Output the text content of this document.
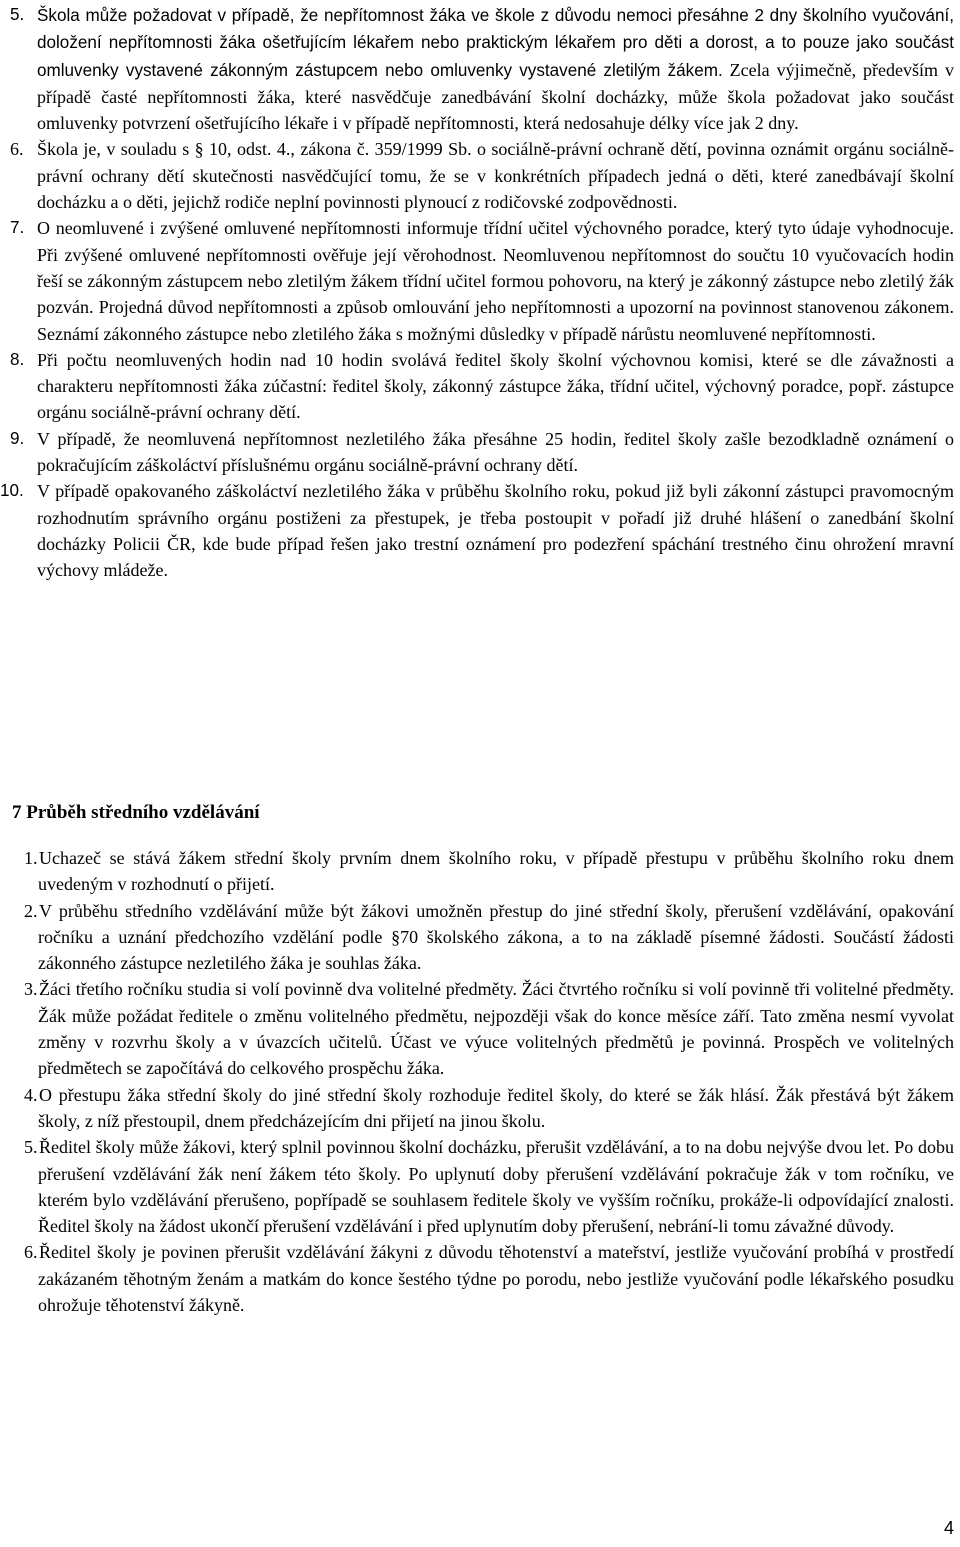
5. Škola může požadovat v případě, že nepřítomnost žáka ve škole z důvodu nemoci přesáhne 2 dny školního vyučování, doložení nepřítomnosti žáka ošetřujícím lékařem nebo praktickým lékařem pro děti a dorost, a to pouze jako součást omluvenky vystavené zákonným zástupcem nebo omluvenky vystavené zletilým žákem. Zcela výjimečně, především v případě časté nepřítomnosti žáka, které nasvědčuje zanedbávání školní docházky, může škola požadovat jako součást omluvenky potvrzení ošetřujícího lékaře i v případě nepřítomnosti, která nedosahuje délky více jak 2 dny.
6. Škola je, v souladu s § 10, odst. 4., zákona č. 359/1999 Sb. o sociálně-právní ochraně dětí, povinna oznámit orgánu sociálně-právní ochrany dětí skutečnosti nasvědčující tomu, že se v konkrétních případech jedná o děti, které zanedbávají školní docházku a o děti, jejichž rodiče neplní povinnosti plynoucí z rodičovské zodpovědnosti.
7. O neomluvené i zvýšené omluvené nepřítomnosti informuje třídní učitel výchovného poradce, který tyto údaje vyhodnocuje. Při zvýšené omluvené nepřítomnosti ověřuje její věrohodnost. Neomluvenou nepřítomnost do součtu 10 vyučovacích hodin řeší se zákonným zástupcem nebo zletilým žákem třídní učitel formou pohovoru, na který je zákonný zástupce nebo zletilý žák pozván. Projedná důvod nepřítomnosti a způsob omlouvání jeho nepřítomnosti a upozorní na povinnost stanovenou zákonem. Seznámí zákonného zástupce nebo zletilého žáka s možnými důsledky v případě nárůstu neomluvené nepřítomnosti.
8. Při počtu neomluvených hodin nad 10 hodin svolává ředitel školy školní výchovnou komisi, které se dle závažnosti a charakteru nepřítomnosti žáka zúčastní: ředitel školy, zákonný zástupce žáka, třídní učitel, výchovný poradce, popř. zástupce orgánu sociálně-právní ochrany dětí.
9. V případě, že neomluvená nepřítomnost nezletilého žáka přesáhne 25 hodin, ředitel školy zašle bezodkladně oznámení o pokračujícím záškoláctví příslušnému orgánu sociálně-právní ochrany dětí.
10. V případě opakovaného záškoláctví nezletilého žáka v průběhu školního roku, pokud již byli zákonní zástupci pravomocným rozhodnutím správního orgánu postiženi za přestupek, je třeba postoupit v pořadí již druhé hlášení o zanedbání školní docházky Policii ČR, kde bude případ řešen jako trestní oznámení pro podezření spáchání trestného činu ohrožení mravní výchovy mládeže.
7 Průběh středního vzdělávání
1. Uchazeč se stává žákem střední školy prvním dnem školního roku, v případě přestupu v průběhu školního roku dnem uvedeným v rozhodnutí o přijetí.
2. V průběhu středního vzdělávání může být žákovi umožněn přestup do jiné střední školy, přerušení vzdělávání, opakování ročníku a uznání předchozího vzdělání podle §70 školského zákona, a to na základě písemné žádosti. Součástí žádosti zákonného zástupce nezletilého žáka je souhlas žáka.
3. Žáci třetího ročníku studia si volí povinně dva volitelné předměty. Žáci čtvrtého ročníku si volí povinně tři volitelné předměty. Žák může požádat ředitele o změnu volitelného předmětu, nejpozději však do konce měsíce září. Tato změna nesmí vyvolat změny v rozvrhu školy a v úvazcích učitelů. Účast ve výuce volitelných předmětů je povinná. Prospěch ve volitelných předmětech se započítává do celkového prospěchu žáka.
4. O přestupu žáka střední školy do jiné střední školy rozhoduje ředitel školy, do které se žák hlásí. Žák přestává být žákem školy, z níž přestoupil, dnem předcházejícím dni přijetí na jinou školu.
5. Ředitel školy může žákovi, který splnil povinnou školní docházku, přerušit vzdělávání, a to na dobu nejvýše dvou let. Po dobu přerušení vzdělávání žák není žákem této školy. Po uplynutí doby přerušení vzdělávání pokračuje žák v tom ročníku, ve kterém bylo vzdělávání přerušeno, popřípadě se souhlasem ředitele školy ve vyšším ročníku, prokáže-li odpovídající znalosti. Ředitel školy na žádost ukončí přerušení vzdělávání i před uplynutím doby přerušení, nebrání-li tomu závažné důvody.
6. Ředitel školy je povinen přerušit vzdělávání žákyni z důvodu těhotenství a mateřství, jestliže vyučování probíhá v prostředí zakázaném těhotným ženám a matkám do konce šestého týdne po porodu, nebo jestliže vyučování podle lékařského posudku ohrožuje těhotenství žákyně.
4
